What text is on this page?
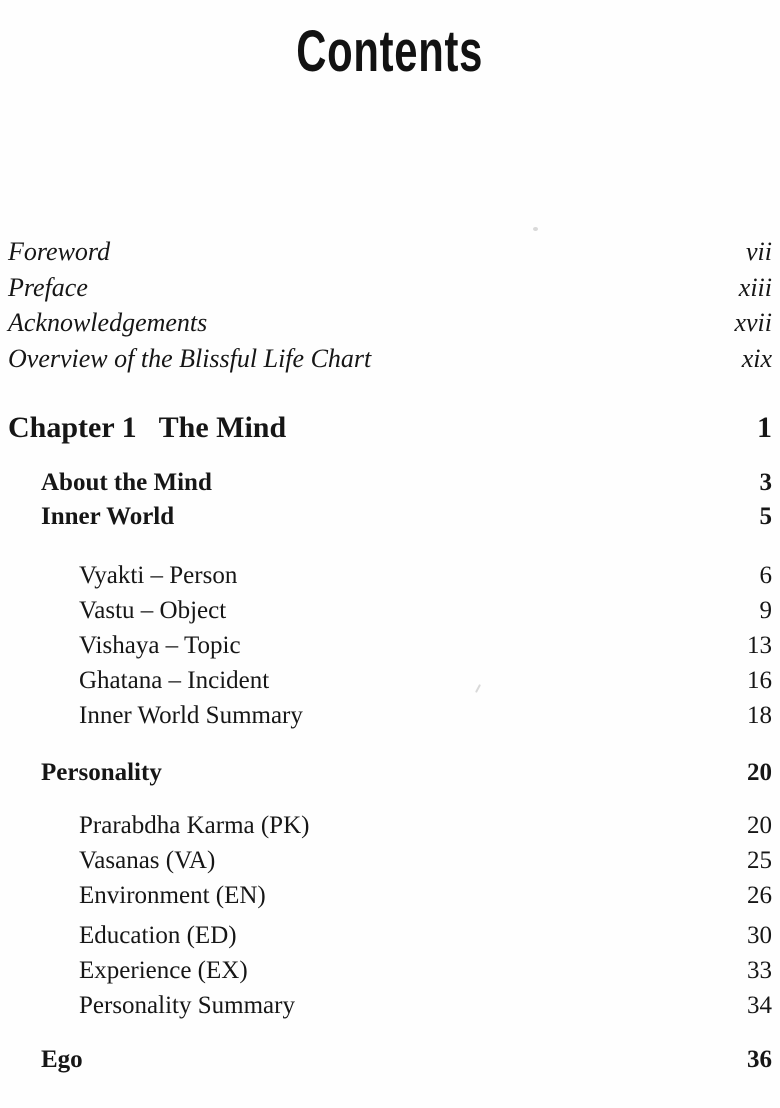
Contents
Foreword	vii
Preface	xiii
Acknowledgements	xvii
Overview of the Blissful Life Chart	xix
Chapter 1 The Mind	1
About the Mind	3
Inner World	5
Vyakti – Person	6
Vastu – Object	9
Vishaya – Topic	13
Ghatana – Incident	16
Inner World Summary	18
Personality	20
Prarabdha Karma (PK)	20
Vasanas (VA)	25
Environment (EN)	26
Education (ED)	30
Experience (EX)	33
Personality Summary	34
Ego	36
